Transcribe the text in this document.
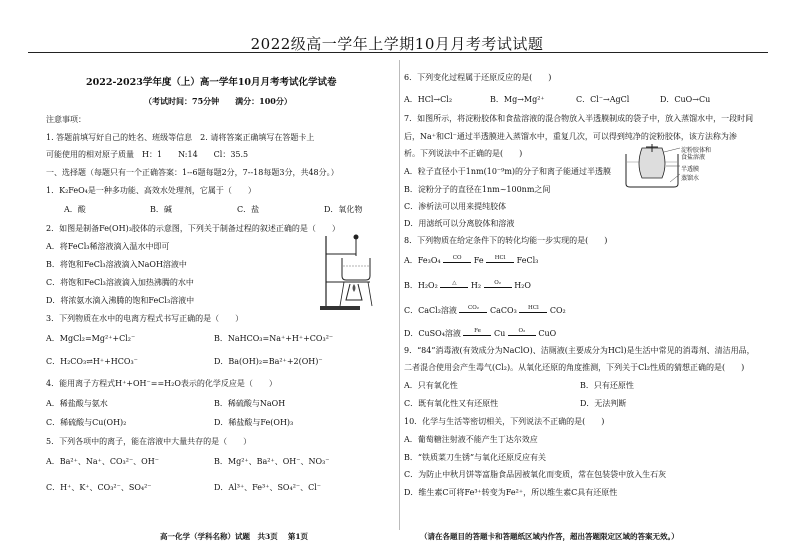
2022级高一学年上学期10月月考考试试题
2022-2023学年度（上）高一学年10月月考考试化学试卷
（考试时间：75分钟　　满分：100分）
注意事项：
1. 答题前填写好自己的姓名、班级等信息　2. 请将答案正确填写在答题卡上
可能使用的相对原子质量　H：1　　N:14　　Cl：35.5
一、选择题（每题只有一个正确答案：1--6题每题2分，7--18每题3分，共48分。）
1．K₂FeO₄是一种多功能、高效水处理剂，它属于（　　）
A．酸	B．碱	C．盐	D．氧化物
2．如图是制备Fe(OH)₃胶体的示意图，下列关于制备过程的叙述正确的是（　　）
A．将FeCl₃稀溶液滴入温水中即可
B．将饱和FeCl₃溶液滴入NaOH溶液中
C．将饱和FeCl₃溶液滴入加热沸腾的水中
D．将浓氨水滴入沸腾的饱和FeCl₃溶液中
3．下列物质在水中的电离方程式书写正确的是（　　）
A．MgCl₂=Mg²⁺+Cl₂⁻	B．NaHCO₃=Na⁺+H⁺+CO₃²⁻
C．H₂CO₃⇌H⁺+HCO₃⁻	D．Ba(OH)₂=Ba²⁺+2(OH)⁻
4．能用离子方程式H⁺+OH⁻==H₂O表示的化学反应是（　　）
A．稀盐酸与氨水	B．稀硫酸与NaOH
C．稀硫酸与Cu(OH)₂	D．稀盐酸与Fe(OH)₃
5．下列各项中的离子，能在溶液中大量共存的是（　　）
A．Ba²⁺、Na⁺、CO₃²⁻、OH⁻	B．Mg²⁺、Ba²⁺、OH⁻、NO₃⁻
C．H⁺、K⁺、CO₃²⁻、SO₄²⁻	D．Al³⁺、Fe³⁺、SO₄²⁻、Cl⁻
6．下列变化过程属于还原反应的是(　　)
A．HCl→Cl₂	B．Mg→Mg²⁺	C．Cl⁻→AgCl	D．CuO→Cu
7．如图所示，将淀粉胶体和食盐溶液的混合物放入半透膜制成的袋子中，放入蒸馏水中，一段时间
后，Na⁺和Cl⁻通过半透膜进入蒸馏水中，重复几次，可以得到纯净的淀粉胶体，该方法称为渗
析。下列说法中不正确的是(　　)
A．粒子直径小于1nm(10⁻⁹m)的分子和离子能通过半透膜
B．淀粉分子的直径在1nm~100nm之间
C．渗析法可以用来提纯胶体
D．用滤纸可以分离胶体和溶液
8．下列物质在给定条件下的转化均能一步实现的是(　　)
A．Fe₃O₄	CO	Fe	HCl	FeCl₃
B．H₂O₂	△	H₂	O₂	H₂O
C．CaCl₂溶液	CO₂	CaCO₃	HCl	CO₂
D．CuSO₄溶液	Fe	Cu	O₂	CuO
9．“84”消毒液(有效成分为NaClO)、洁厕液(主要成分为HCl)是生活中常见的消毒剂、清洁用品，
二者混合使用会产生毒气(Cl₂)。从氧化还原的角度推测，下列关于Cl₂性质的猜想正确的是(　　)
A．只有氧化性	B．只有还原性
C．既有氧化性又有还原性	D．无法判断
10．化学与生活等密切相关，下列说法不正确的是(　　)
A．葡萄糖注射液不能产生丁达尔效应
B．“铁质菜刀生锈”与氧化还原反应有关
C．为防止中秋月饼等富脂食品因被氧化而变质，常在包装袋中放入生石灰
D．维生素C可将Fe³⁺转变为Fe²⁺，所以维生素C具有还原性
淀粉胶体和
食盐溶液
半透膜
蒸馏水
高一化学（学科名称）试题　共3页　 第1页	（请在各题目的答题卡和答题纸区域内作答，超出答题限定区域的答案无效。）
